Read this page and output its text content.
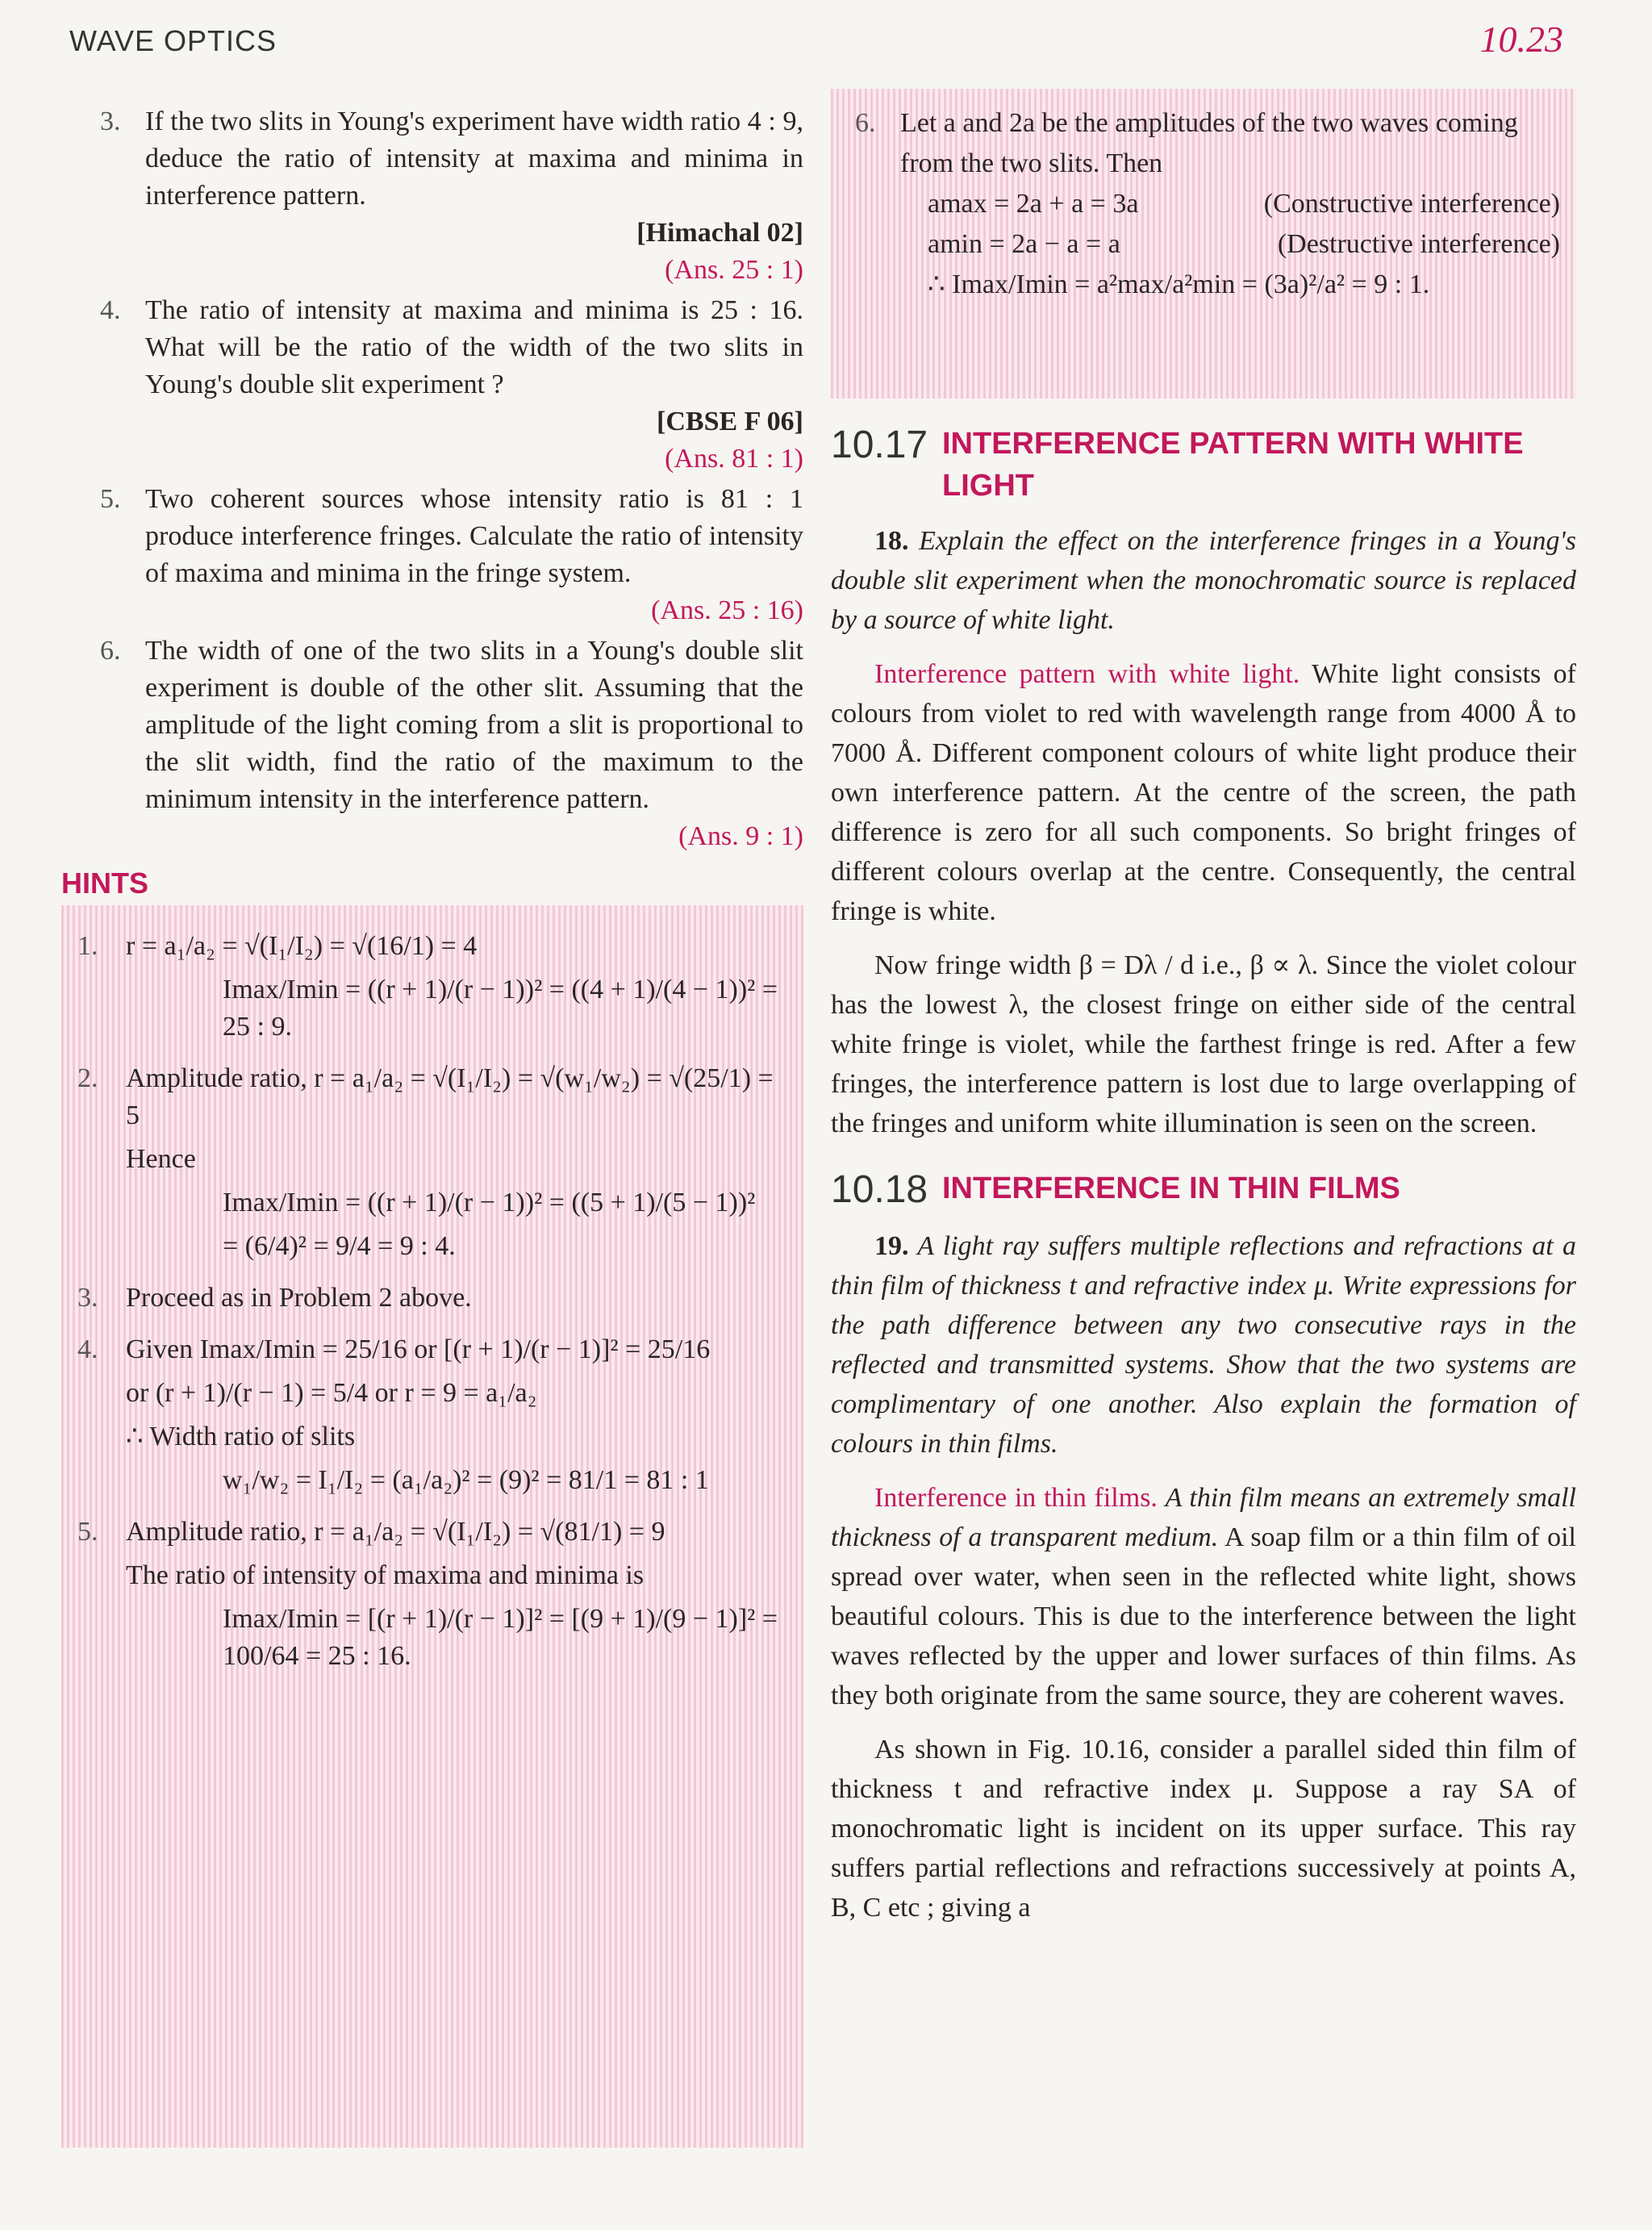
WAVE OPTICS	10.23
3. If the two slits in Young's experiment have width ratio 4 : 9, deduce the ratio of intensity at maxima and minima in interference pattern.
[Himachal 02]
(Ans. 25 : 1)
4. The ratio of intensity at maxima and minima is 25 : 16. What will be the ratio of the width of the two slits in Young's double slit experiment ?
[CBSE F 06]
(Ans. 81 : 1)
5. Two coherent sources whose intensity ratio is 81 : 1 produce interference fringes. Calculate the ratio of intensity of maxima and minima in the fringe system.
(Ans. 25 : 16)
6. The width of one of the two slits in a Young's double slit experiment is double of the other slit. Assuming that the amplitude of the light coming from a slit is proportional to the slit width, find the ratio of the maximum to the minimum intensity in the interference pattern.
(Ans. 9 : 1)
HINTS
1. r = a₁/a₂ = √(I₁/I₂) = √(16/1) = 4
Imax/Imin = ((r + 1)/(r − 1))² = ((4 + 1)/(4 − 1))² = 25 : 9.
2. Amplitude ratio, r = a₁/a₂ = √(I₁/I₂) = √(w₁/w₂) = √(25/1) = 5
Hence
Imax/Imin = ((r + 1)/(r − 1))² = ((5 + 1)/(5 − 1))²
= (6/4)² = 9/4 = 9 : 4.
3. Proceed as in Problem 2 above.
4. Given Imax/Imin = 25/16 or [(r + 1)/(r − 1)]² = 25/16
or (r + 1)/(r − 1) = 5/4 or r = 9 = a₁/a₂
∴ Width ratio of slits
w₁/w₂ = I₁/I₂ = (a₁/a₂)² = (9)² = 81/1 = 81 : 1
5. Amplitude ratio, r = a₁/a₂ = √(I₁/I₂) = √(81/1) = 9
The ratio of intensity of maxima and minima is
Imax/Imin = [(r + 1)/(r − 1)]² = [(9 + 1)/(9 − 1)]² = 100/64 = 25 : 16.
6. Let a and 2a be the amplitudes of the two waves coming from the two slits. Then
amax = 2a + a = 3a	(Constructive interference)
amin = 2a − a = a	(Destructive interference)
∴ Imax/Imin = a²max/a²min = (3a)²/a² = 9 : 1.
10.17 INTERFERENCE PATTERN WITH WHITE LIGHT

18. Explain the effect on the interference fringes in a Young's double slit experiment when the monochromatic source is replaced by a source of white light.

Interference pattern with white light. White light consists of colours from violet to red with wavelength range from 4000 Å to 7000 Å. Different component colours of white light produce their own interference pattern. At the centre of the screen, the path difference is zero for all such components. So bright fringes of different colours overlap at the centre. Consequently, the central fringe is white.

Now fringe width β = Dλ / d i.e., β ∝ λ. Since the violet colour has the lowest λ, the closest fringe on either side of the central white fringe is violet, while the farthest fringe is red. After a few fringes, the interference pattern is lost due to large overlapping of the fringes and uniform white illumination is seen on the screen.

10.18 INTERFERENCE IN THIN FILMS

19. A light ray suffers multiple reflections and refractions at a thin film of thickness t and refractive index μ. Write expressions for the path difference between any two consecutive rays in the reflected and transmitted systems. Show that the two systems are complimentary of one another. Also explain the formation of colours in thin films.

Interference in thin films. A thin film means an extremely small thickness of a transparent medium. A soap film or a thin film of oil spread over water, when seen in the reflected white light, shows beautiful colours. This is due to the interference between the light waves reflected by the upper and lower surfaces of thin films. As they both originate from the same source, they are coherent waves.

As shown in Fig. 10.16, consider a parallel sided thin film of thickness t and refractive index μ. Suppose a ray SA of monochromatic light is incident on its upper surface. This ray suffers partial reflections and refractions successively at points A, B, C etc ; giving a
